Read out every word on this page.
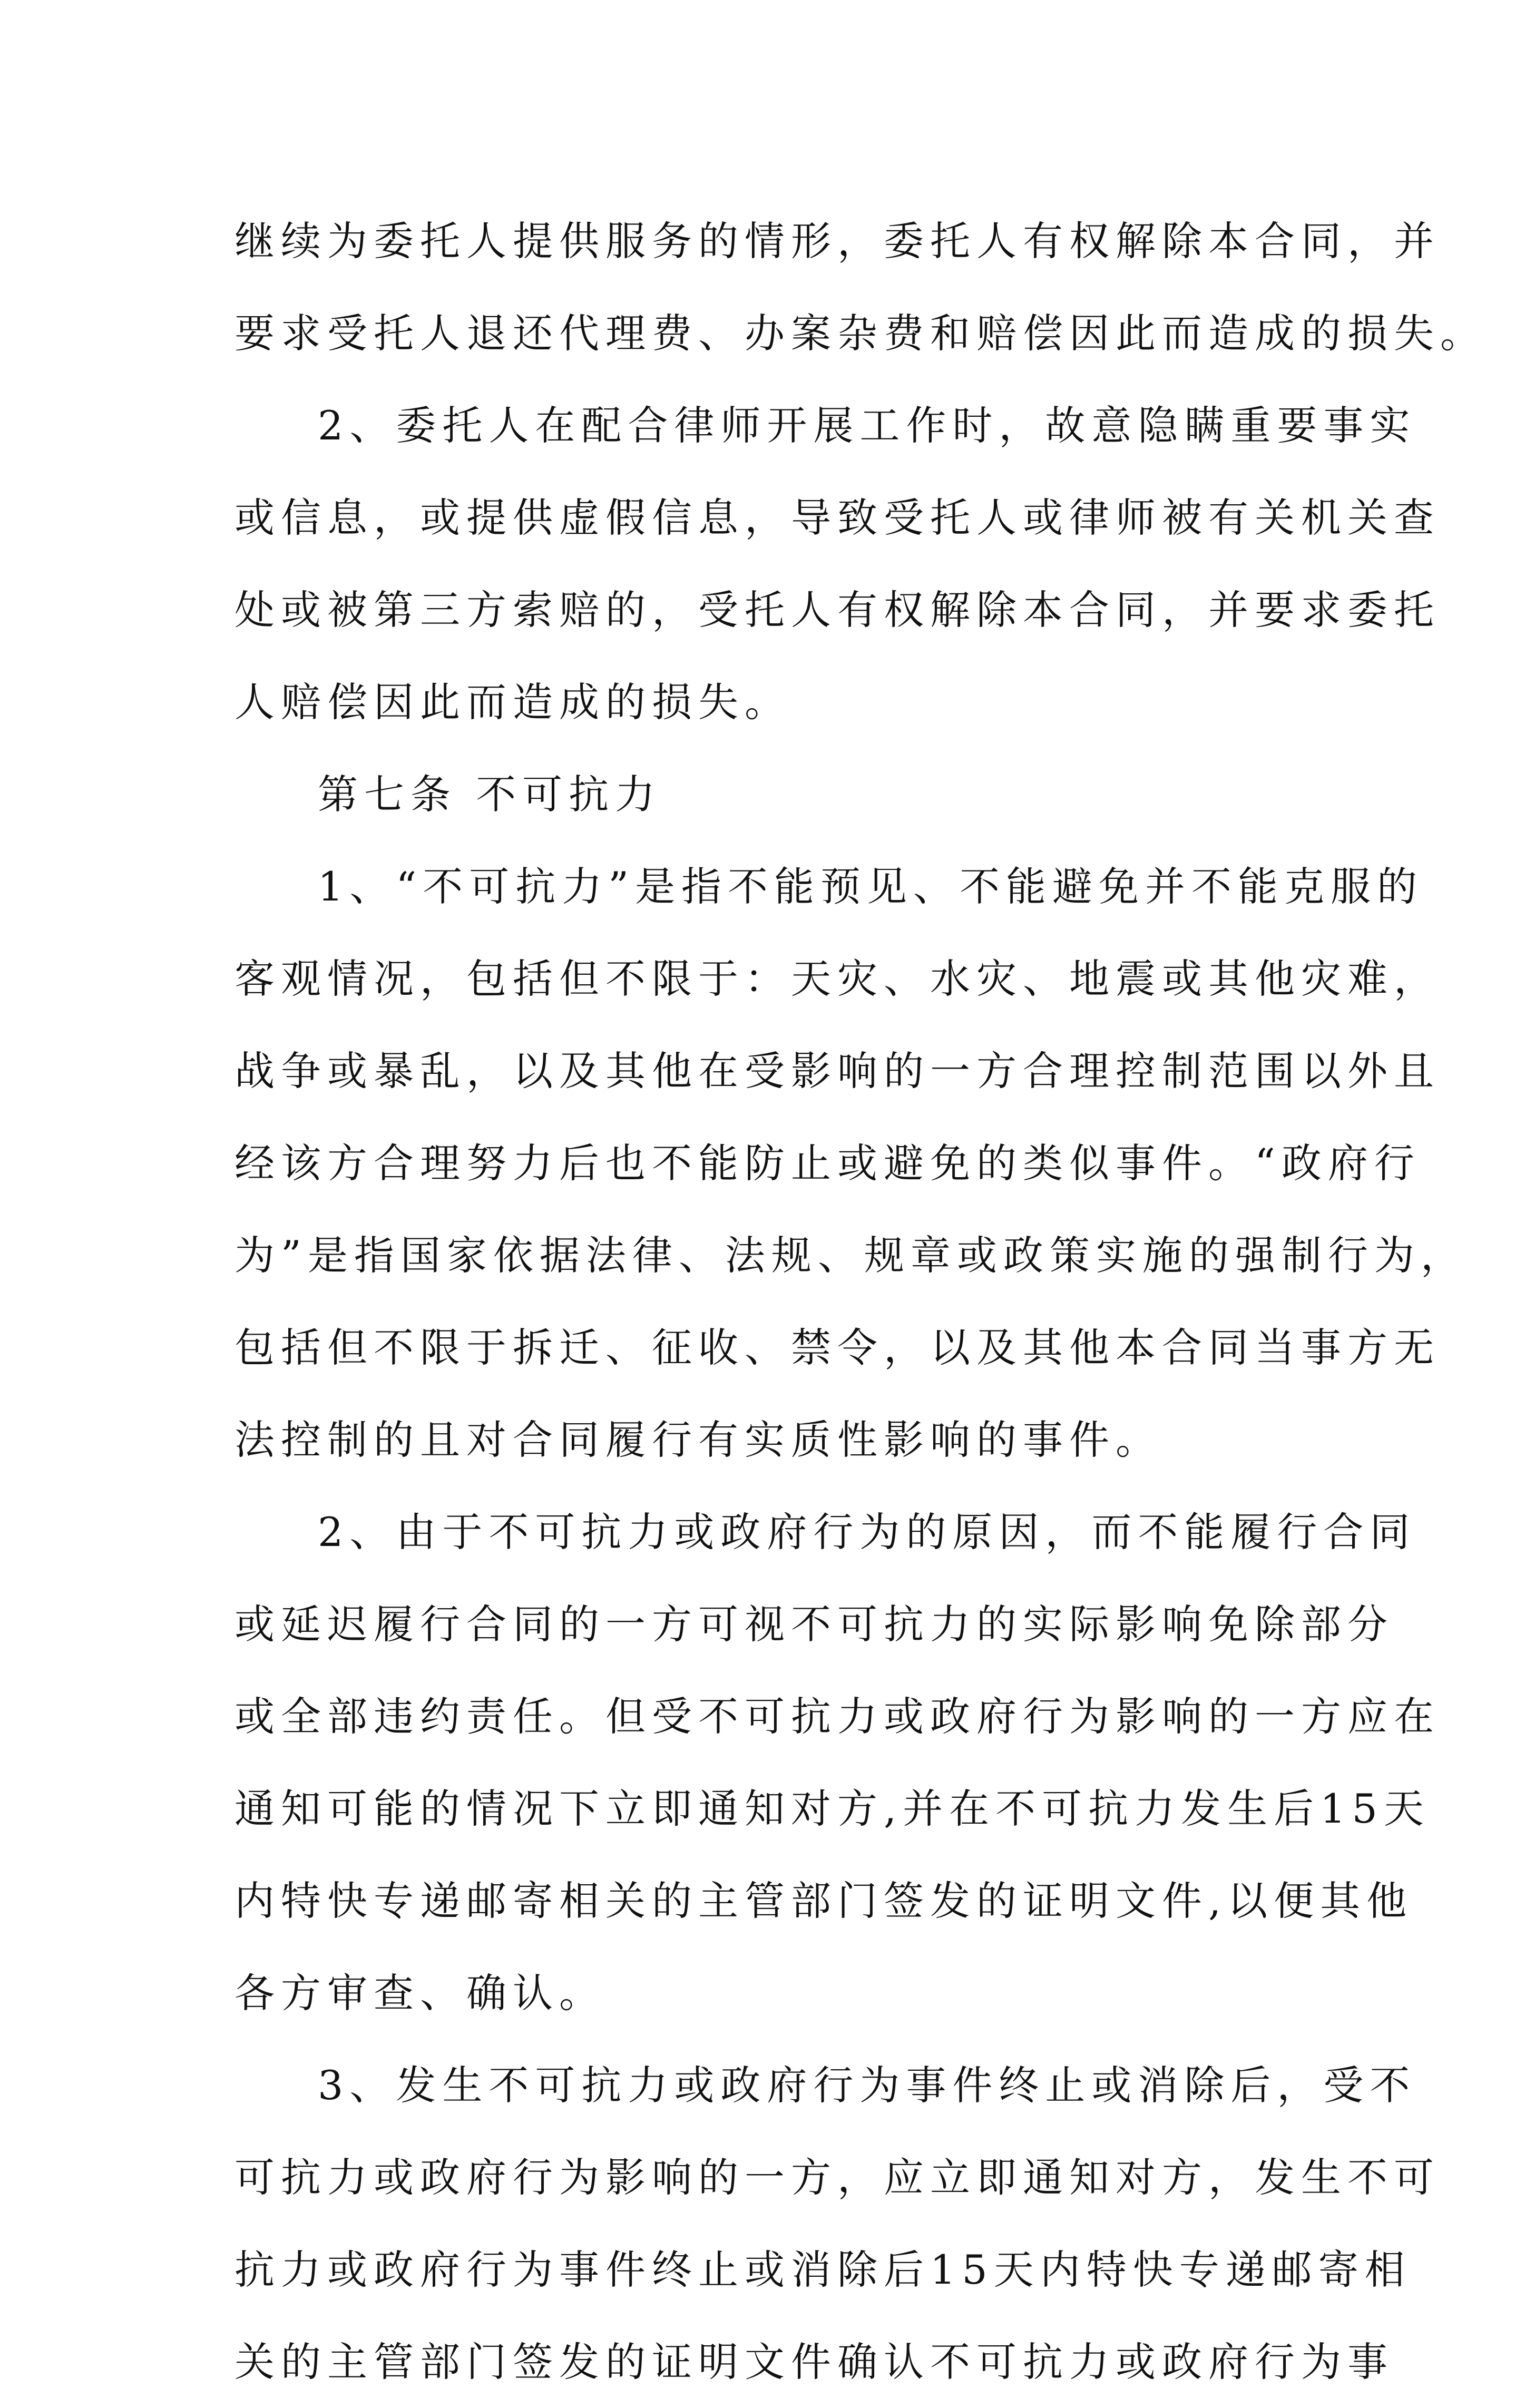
继续为委托人提供服务的情形，委托人有权解除本合同，并
要求受托人退还代理费、办案杂费和赔偿因此而造成的损失。
2、委托人在配合律师开展工作时，故意隐瞒重要事实
或信息，或提供虚假信息，导致受托人或律师被有关机关查
处或被第三方索赔的，受托人有权解除本合同，并要求委托
人赔偿因此而造成的损失。
第七条 不可抗力
1、“不可抗力”是指不能预见、不能避免并不能克服的
客观情况，包括但不限于：天灾、水灾、地震或其他灾难，
战争或暴乱，以及其他在受影响的一方合理控制范围以外且
经该方合理努力后也不能防止或避免的类似事件。“政府行
为”是指国家依据法律、法规、规章或政策实施的强制行为，
包括但不限于拆迁、征收、禁令，以及其他本合同当事方无
法控制的且对合同履行有实质性影响的事件。
2、由于不可抗力或政府行为的原因，而不能履行合同
或延迟履行合同的一方可视不可抗力的实际影响免除部分
或全部违约责任。但受不可抗力或政府行为影响的一方应在
通知可能的情况下立即通知对方,并在不可抗力发生后15天
内特快专递邮寄相关的主管部门签发的证明文件,以便其他
各方审查、确认。
3、发生不可抗力或政府行为事件终止或消除后，受不
可抗力或政府行为影响的一方，应立即通知对方，发生不可
抗力或政府行为事件终止或消除后15天内特快专递邮寄相
关的主管部门签发的证明文件确认不可抗力或政府行为事
